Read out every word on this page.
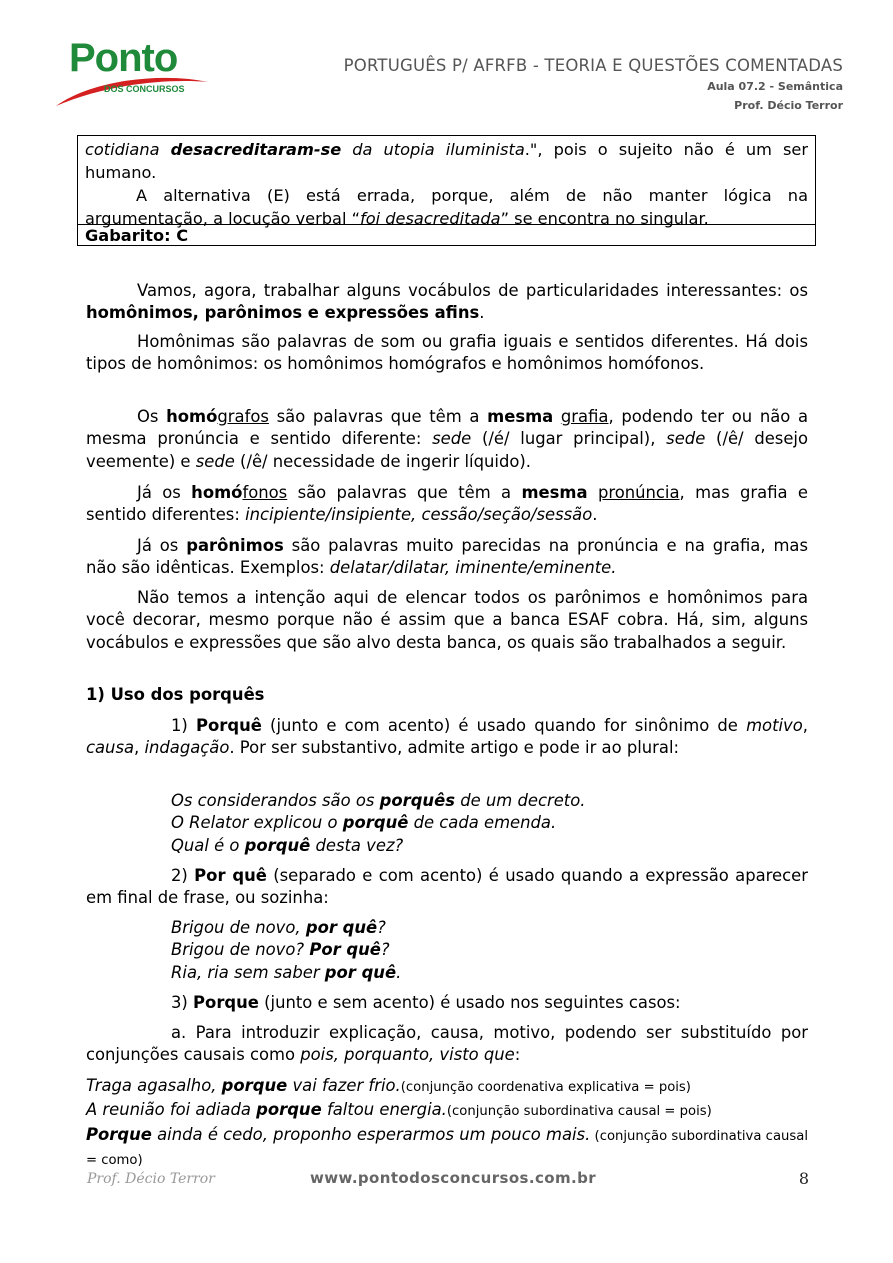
Ponto
DOS CONCURSOS
PORTUGUÊS P/ AFRFB - TEORIA E QUESTÕES COMENTADAS
Aula 07.2 - Semântica
Prof. Décio Terror

cotidiana desacreditaram-se da utopia iluminista.", pois o sujeito não é um ser humano.

A alternativa (E) está errada, porque, além de não manter lógica na argumentação, a locução verbal “foi desacreditada” se encontra no singular.

Gabarito: C

Vamos, agora, trabalhar alguns vocábulos de particularidades interessantes: os homônimos, parônimos e expressões afins.

Homônimas são palavras de som ou grafia iguais e sentidos diferentes. Há dois tipos de homônimos: os homônimos homógrafos e homônimos homófonos.

Os homógrafos são palavras que têm a mesma grafia, podendo ter ou não a mesma pronúncia e sentido diferente: sede (/é/ lugar principal), sede (/ê/ desejo veemente) e sede (/ê/ necessidade de ingerir líquido).

Já os homófonos são palavras que têm a mesma pronúncia, mas grafia e sentido diferentes: incipiente/insipiente, cessão/seção/sessão.

Já os parônimos são palavras muito parecidas na pronúncia e na grafia, mas não são idênticas. Exemplos: delatar/dilatar, iminente/eminente.

Não temos a intenção aqui de elencar todos os parônimos e homônimos para você decorar, mesmo porque não é assim que a banca ESAF cobra. Há, sim, alguns vocábulos e expressões que são alvo desta banca, os quais são trabalhados a seguir.

1) Uso dos porquês

1) Porquê (junto e com acento) é usado quando for sinônimo de motivo, causa, indagação. Por ser substantivo, admite artigo e pode ir ao plural:

Os considerandos são os porquês de um decreto.
O Relator explicou o porquê de cada emenda.
Qual é o porquê desta vez?

2) Por quê (separado e com acento) é usado quando a expressão aparecer em final de frase, ou sozinha:

Brigou de novo, por quê?
Brigou de novo? Por quê?
Ria, ria sem saber por quê.

3) Porque (junto e sem acento) é usado nos seguintes casos:

a. Para introduzir explicação, causa, motivo, podendo ser substituído por conjunções causais como pois, porquanto, visto que:

Traga agasalho, porque vai fazer frio.(conjunção coordenativa explicativa = pois)
A reunião foi adiada porque faltou energia.(conjunção subordinativa causal = pois)

Porque ainda é cedo, proponho esperarmos um pouco mais. (conjunção subordinativa causal = como)

Prof. Décio Terror	www.pontodosconcursos.com.br	8
